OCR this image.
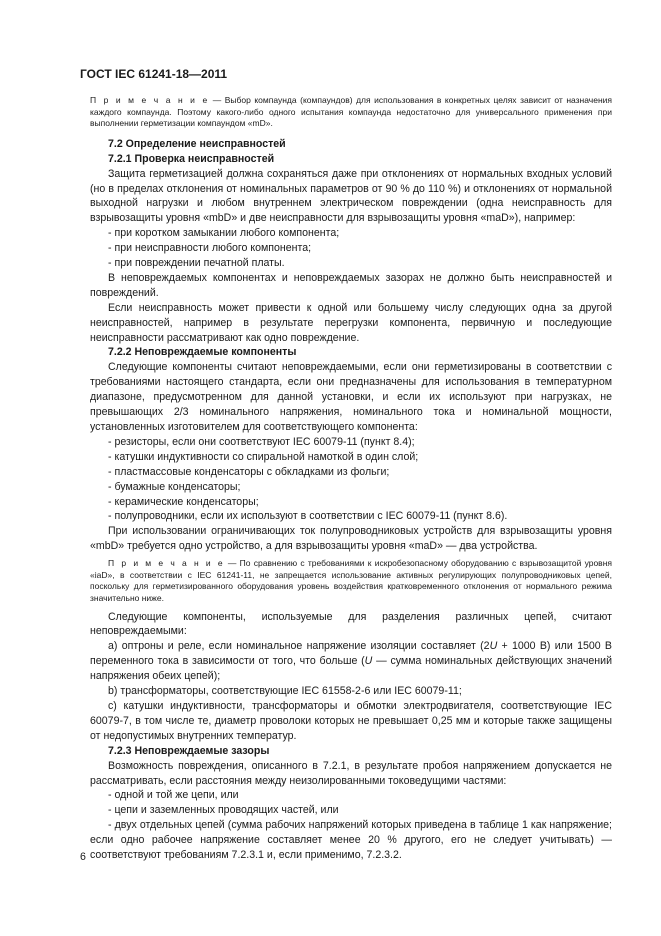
ГОСТ IEC 61241-18—2011

П р и м е ч а н и е — Выбор компаунда (компаундов) для использования в конкретных целях зависит от назначения каждого компаунда. Поэтому какого-либо одного испытания компаунда недостаточно для универсального применения при выполнении герметизации компаундом «mD».

7.2 Определение неисправностей

7.2.1 Проверка неисправностей

Защита герметизацией должна сохраняться даже при отклонениях от нормальных входных условий (но в пределах отклонения от номинальных параметров от 90 % до 110 %) и отклонениях от нормальной выходной нагрузки и любом внутреннем электрическом повреждении (одна неисправность для взрывозащиты уровня «mbD» и две неисправности для взрывозащиты уровня «maD»), например:

- при коротком замыкании любого компонента;

- при неисправности любого компонента;

- при повреждении печатной платы.

В неповреждаемых компонентах и неповреждаемых зазорах не должно быть неисправностей и повреждений.

Если неисправность может привести к одной или большему числу следующих одна за другой неисправностей, например в результате перегрузки компонента, первичную и последующие неисправности рассматривают как одно повреждение.

7.2.2 Неповреждаемые компоненты

Следующие компоненты считают неповреждаемыми, если они герметизированы в соответствии с требованиями настоящего стандарта, если они предназначены для использования в температурном диапазоне, предусмотренном для данной установки, и если их используют при нагрузках, не превышающих 2/3 номинального напряжения, номинального тока и номинальной мощности, установленных изготовителем для соответствующего компонента:

- резисторы, если они соответствуют IEC 60079-11 (пункт 8.4);

- катушки индуктивности со спиральной намоткой в один слой;

- пластмассовые конденсаторы с обкладками из фольги;

- бумажные конденсаторы;

- керамические конденсаторы;

- полупроводники, если их используют в соответствии с IEC 60079-11 (пункт 8.6).

При использовании ограничивающих ток полупроводниковых устройств для взрывозащиты уровня «mbD» требуется одно устройство, а для взрывозащиты уровня «maD» — два устройства.

П р и м е ч а н и е — По сравнению с требованиями к искробезопасному оборудованию с взрывозащитой уровня «iaD», в соответствии с IEC 61241-11, не запрещается использование активных регулирующих полупроводниковых цепей, поскольку для герметизированного оборудования уровень воздействия кратковременного отклонения от нормального режима значительно ниже.

Следующие компоненты, используемые для разделения различных цепей, считают неповреждаемыми:

а) оптроны и реле, если номинальное напряжение изоляции составляет (2U + 1000 В) или 1500 В переменного тока в зависимости от того, что больше (U — сумма номинальных действующих значений напряжения обеих цепей);

b) трансформаторы, соответствующие IEC 61558-2-6 или IEC 60079-11;

с) катушки индуктивности, трансформаторы и обмотки электродвигателя, соответствующие IEC 60079-7, в том числе те, диаметр проволоки которых не превышает 0,25 мм и которые также защищены от недопустимых внутренних температур.

7.2.3 Неповреждаемые зазоры

Возможность повреждения, описанного в 7.2.1, в результате пробоя напряжением допускается не рассматривать, если расстояния между неизолированными токоведущими частями:

- одной и той же цепи, или

- цепи и заземленных проводящих частей, или

- двух отдельных цепей (сумма рабочих напряжений которых приведена в таблице 1 как напряжение; если одно рабочее напряжение составляет менее 20 % другого, его не следует учитывать) — соответствуют требованиям 7.2.3.1 и, если применимо, 7.2.3.2.

6
